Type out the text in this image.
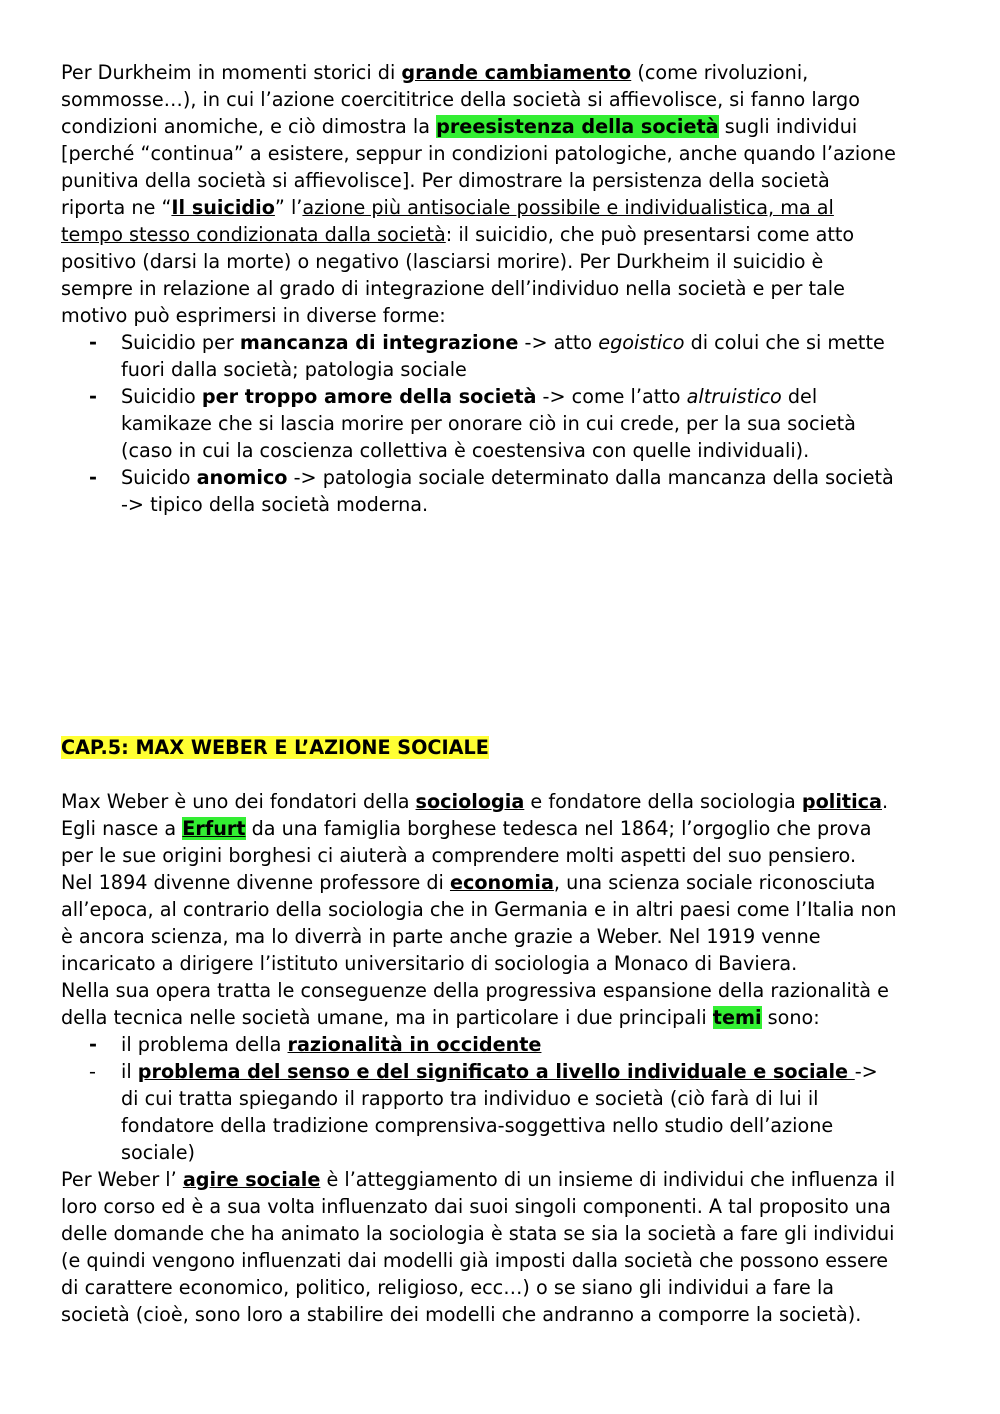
Per Durkheim in momenti storici di grande cambiamento (come rivoluzioni,
sommosse…), in cui l’azione coercititrice della società si affievolisce, si fanno largo
condizioni anomiche, e ciò dimostra la preesistenza della società sugli individui
[perché “continua” a esistere, seppur in condizioni patologiche, anche quando l’azione
punitiva della società si affievolisce]. Per dimostrare la persistenza della società
riporta ne “Il suicidio” l’azione più antisociale possibile e individualistica, ma al
tempo stesso condizionata dalla società: il suicidio, che può presentarsi come atto
positivo (darsi la morte) o negativo (lasciarsi morire). Per Durkheim il suicidio è
sempre in relazione al grado di integrazione dell’individuo nella società e per tale
motivo può esprimersi in diverse forme:

- Suicidio per mancanza di integrazione -> atto egoistico di colui che si mette
fuori dalla società; patologia sociale
- Suicidio per troppo amore della società -> come l’atto altruistico del
kamikaze che si lascia morire per onorare ciò in cui crede, per la sua società
(caso in cui la coscienza collettiva è coestensiva con quelle individuali).
- Suicido anomico -> patologia sociale determinato dalla mancanza della società
-> tipico della società moderna.
CAP.5: MAX WEBER E L’AZIONE SOCIALE

Max Weber è uno dei fondatori della sociologia e fondatore della sociologia politica.
Egli nasce a Erfurt da una famiglia borghese tedesca nel 1864; l’orgoglio che prova
per le sue origini borghesi ci aiuterà a comprendere molti aspetti del suo pensiero.
Nel 1894 divenne divenne professore di economia, una scienza sociale riconosciuta
all’epoca, al contrario della sociologia che in Germania e in altri paesi come l’Italia non
è ancora scienza, ma lo diverrà in parte anche grazie a Weber. Nel 1919 venne
incaricato a dirigere l’istituto universitario di sociologia a Monaco di Baviera.
Nella sua opera tratta le conseguenze della progressiva espansione della razionalità e
della tecnica nelle società umane, ma in particolare i due principali temi sono:

- il problema della razionalità in occidente
- il problema del senso e del significato a livello individuale e sociale ->
di cui tratta spiegando il rapporto tra individuo e società (ciò farà di lui il
fondatore della tradizione comprensiva-soggettiva nello studio dell’azione
sociale)

Per Weber l’ agire sociale è l’atteggiamento di un insieme di individui che influenza il
loro corso ed è a sua volta influenzato dai suoi singoli componenti. A tal proposito una
delle domande che ha animato la sociologia è stata se sia la società a fare gli individui
(e quindi vengono influenzati dai modelli già imposti dalla società che possono essere
di carattere economico, politico, religioso, ecc…) o se siano gli individui a fare la
società (cioè, sono loro a stabilire dei modelli che andranno a comporre la società).
